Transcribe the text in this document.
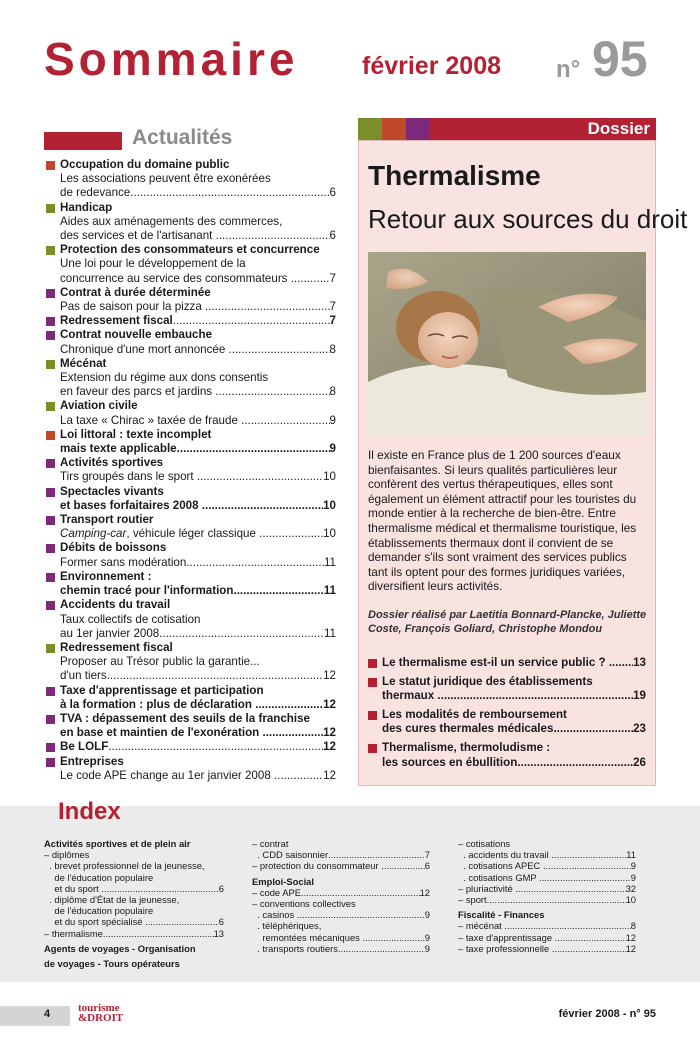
Sommaire	février 2008 n° 95
Actualités
Occupation du domaine public
Les associations peuvent être exonérées
de redevance .....	6
Handicap
Aides aux aménagements des commerces,
des services et de l'artisanant .....	6
Protection des consommateurs et concurrence
Une loi pour le développement de la
concurrence au service des consommateurs .....	7
Contrat à durée déterminée
Pas de saison pour la pizza .....	7
Redressement fiscal .....	7
Contrat nouvelle embauche
Chronique d'une mort annoncée .....	8
Mécénat
Extension du régime aux dons consentis
en faveur des parcs et jardins .....	8
Aviation civile
La taxe « Chirac » taxée de fraude .....	9
Loi littoral : texte incomplet
mais texte applicable .....	9
Activités sportives
Tirs groupés dans le sport .....	10
Spectacles vivants
et bases forfaitaires 2008 .....	10
Transport routier
Camping-car , véhicule léger classique .....	10
Débits de boissons
Former sans modération .....	11
Environnement :
chemin tracé pour l'information .....	11
Accidents du travail
Taux collectifs de cotisation
au 1er janvier 2008 .....	11
Redressement fiscal
Proposer au Trésor public la garantie...
d'un tiers .....	12
Taxe d'apprentissage et participation
à la formation : plus de déclaration .....	12
TVA : dépassement des seuils de la franchise
en base et maintien de l'exonération .....	12
Be LOLF .....	12
Entreprises
Le code APE change au 1er janvier 2008 .....	12
Dossier
Thermalisme
Retour aux sources du droit
Il existe en France plus de 1 200 sources d'eaux bienfaisantes. Si leurs qualités particulières leur confèrent des vertus thérapeutiques, elles sont également un élément attractif pour les touristes du monde entier à la recherche de bien-être. Entre thermalisme médical et thermalisme touristique, les établissements thermaux dont il convient de se demander s'ils sont vraiment des services publics tant ils optent pour des formes juridiques variées, diversifient leurs activités.
Dossier réalisé par Laetitia Bonnard-Plancke, Juliette Coste, François Goliard, Christophe Mondou
Le thermalisme est-il un service public ? ..... 13
Le statut juridique des établissements
thermaux .....	19
Les modalités de remboursement
des cures thermales médicales .....	23
Thermalisme, thermoludisme :
les sources en ébullition .....	26
Index
Activités sportives et de plein air
– diplômes
. brevet professionnel de la jeunesse,
de l'éducation populaire
et du sport .....	6
. diplôme d'État de la jeunesse,
de l'éducation populaire
et du sport spécialisé .....	6
– thermalisme .....	13
Agents de voyages - Organisation
de voyages - Tours opérateurs
– contrat
. CDD saisonnier .....	7
– protection du consommateur .....	6
Emploi-Social
– code APE .....	12
– conventions collectives
. casinos .....	9
. téléphériques,
remontées mécaniques .....	9
. transports routiers .....	9
– cotisations
. accidents du travail .....	11
. cotisations APEC .....	9
. cotisations GMP .....	9
– pluriactivité .....	32
– sport .....	10
Fiscalité - Finances
– mécénat .....	8
– taxe d'apprentissage .....	12
– taxe professionnelle .....	12
4	tourisme
&DROIT	février 2008 - n° 95
